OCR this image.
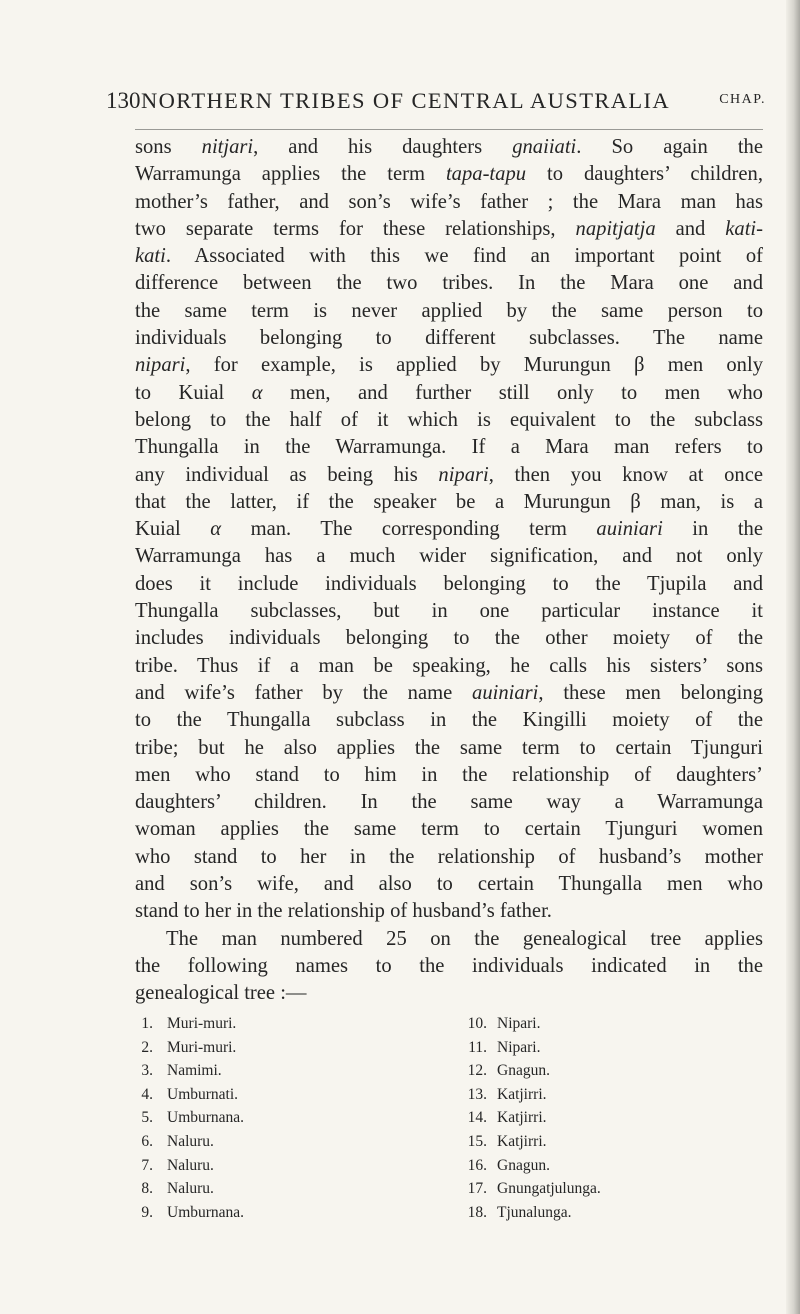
130 NORTHERN TRIBES OF CENTRAL AUSTRALIA	CHAP.
sons nitjari, and his daughters gnaiiati. So again the
Warramunga applies the term tapa-tapu to daughters’ children,
mother’s father, and son’s wife’s father ; the Mara man has
two separate terms for these relationships, napitjatja and kati-
kati. Associated with this we find an important point of
difference between the two tribes. In the Mara one and
the same term is never applied by the same person to
individuals belonging to different subclasses. The name
nipari, for example, is applied by Murungun β men only
to Kuial α men, and further still only to men who
belong to the half of it which is equivalent to the subclass
Thungalla in the Warramunga. If a Mara man refers to
any individual as being his nipari, then you know at once
that the latter, if the speaker be a Murungun β man, is a
Kuial α man. The corresponding term auiniari in the
Warramunga has a much wider signification, and not only
does it include individuals belonging to the Tjupila and
Thungalla subclasses, but in one particular instance it
includes individuals belonging to the other moiety of the
tribe. Thus if a man be speaking, he calls his sisters’ sons
and wife’s father by the name auiniari, these men belonging
to the Thungalla subclass in the Kingilli moiety of the
tribe; but he also applies the same term to certain Tjunguri
men who stand to him in the relationship of daughters’
daughters’ children. In the same way a Warramunga
woman applies the same term to certain Tjunguri women
who stand to her in the relationship of husband’s mother
and son’s wife, and also to certain Thungalla men who
stand to her in the relationship of husband’s father.
The man numbered 25 on the genealogical tree applies
the following names to the individuals indicated in the
genealogical tree :—
1. Muri-muri.
2. Muri-muri.
3. Namimi.
4. Umburnati.
5. Umburnana.
6. Naluru.
7. Naluru.
8. Naluru.
9. Umburnana.
10. Nipari.
11. Nipari.
12. Gnagun.
13. Katjirri.
14. Katjirri.
15. Katjirri.
16. Gnagun.
17. Gnungatjulunga.
18. Tjunalunga.
